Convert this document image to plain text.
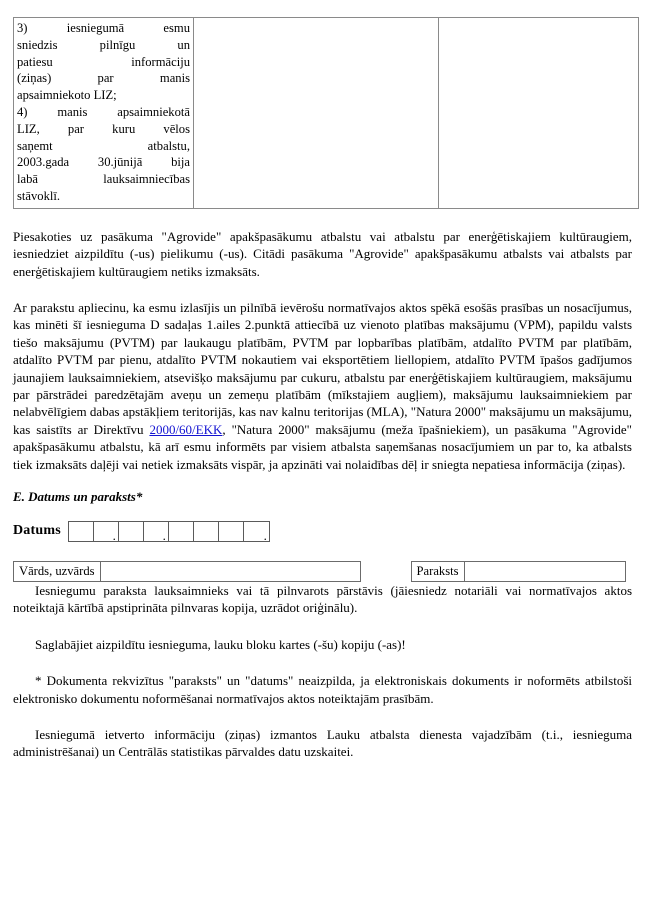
3) iesniegumā esmu
sniedzis pilnīgu un
patiesu informāciju
(ziņas) par manis
apsaimniekoto LIZ;
4) manis apsaimniekotā
LIZ, par kuru vēlos
saņemt atbalstu,
2003.gada 30.jūnijā bija
labā lauksaimniecības
stāvoklī.

Piesakoties uz pasākuma "Agrovide" apakšpasākumu atbalstu vai atbalstu par enerģētiskajiem kultūraugiem, iesniedziet aizpildītu (-us) pielikumu (-us). Citādi pasākuma "Agrovide" apakšpasākumu atbalsts vai atbalsts par enerģētiskajiem kultūraugiem netiks izmaksāts.

Ar parakstu apliecinu, ka esmu izlasījis un pilnībā ievērošu normatīvajos aktos spēkā esošās prasības un nosacījumus, kas minēti šī iesnieguma D sadaļas 1.ailes 2.punktā attiecībā uz vienoto platības maksājumu (VPM), papildu valsts tiešo maksājumu (PVTM) par laukaugu platībām, PVTM par lopbarības platībām, atdalīto PVTM par platībām, atdalīto PVTM par pienu, atdalīto PVTM nokautiem vai eksportētiem liellopiem, atdalīto PVTM īpašos gadījumos jaunajiem lauksaimniekiem, atsevišķo maksājumu par cukuru, atbalstu par enerģētiskajiem kultūraugiem, maksājumu par pārstrādei paredzētajām aveņu un zemeņu platībām (mīkstajiem augļiem), maksājumu lauksaimniekiem par nelabvēlīgiem dabas apstākļiem teritorijās, kas nav kalnu teritorijas (MLA), "Natura 2000" maksājumu un maksājumu, kas saistīts ar Direktīvu 2000/60/EKK, "Natura 2000" maksājumu (meža īpašniekiem), un pasākuma "Agrovide" apakšpasākumu atbalstu, kā arī esmu informēts par visiem atbalsta saņemšanas nosacījumiem un par to, ka atbalsts tiek izmaksāts daļēji vai netiek izmaksāts vispār, ja apzināti vai nolaidības dēļ ir sniegta nepatiesa informācija (ziņas).

E. Datums un paraksts*
Datums
.
.
.
Vārds, uzvārds	Paraksts

Iesniegumu paraksta lauksaimnieks vai tā pilnvarots pārstāvis (jāiesniedz notariāli vai normatīvajos aktos noteiktajā kārtībā apstiprināta pilnvaras kopija, uzrādot oriģinālu).

Saglabājiet aizpildītu iesnieguma, lauku bloku kartes (-šu) kopiju (-as)!

* Dokumenta rekvizītus "paraksts" un "datums" neaizpilda, ja elektroniskais dokuments ir noformēts atbilstoši elektronisko dokumentu noformēšanai normatīvajos aktos noteiktajām prasībām.

Iesniegumā ietverto informāciju (ziņas) izmantos Lauku atbalsta dienesta vajadzībām (t.i., iesnieguma administrēšanai) un Centrālās statistikas pārvaldes datu uzskaitei.
